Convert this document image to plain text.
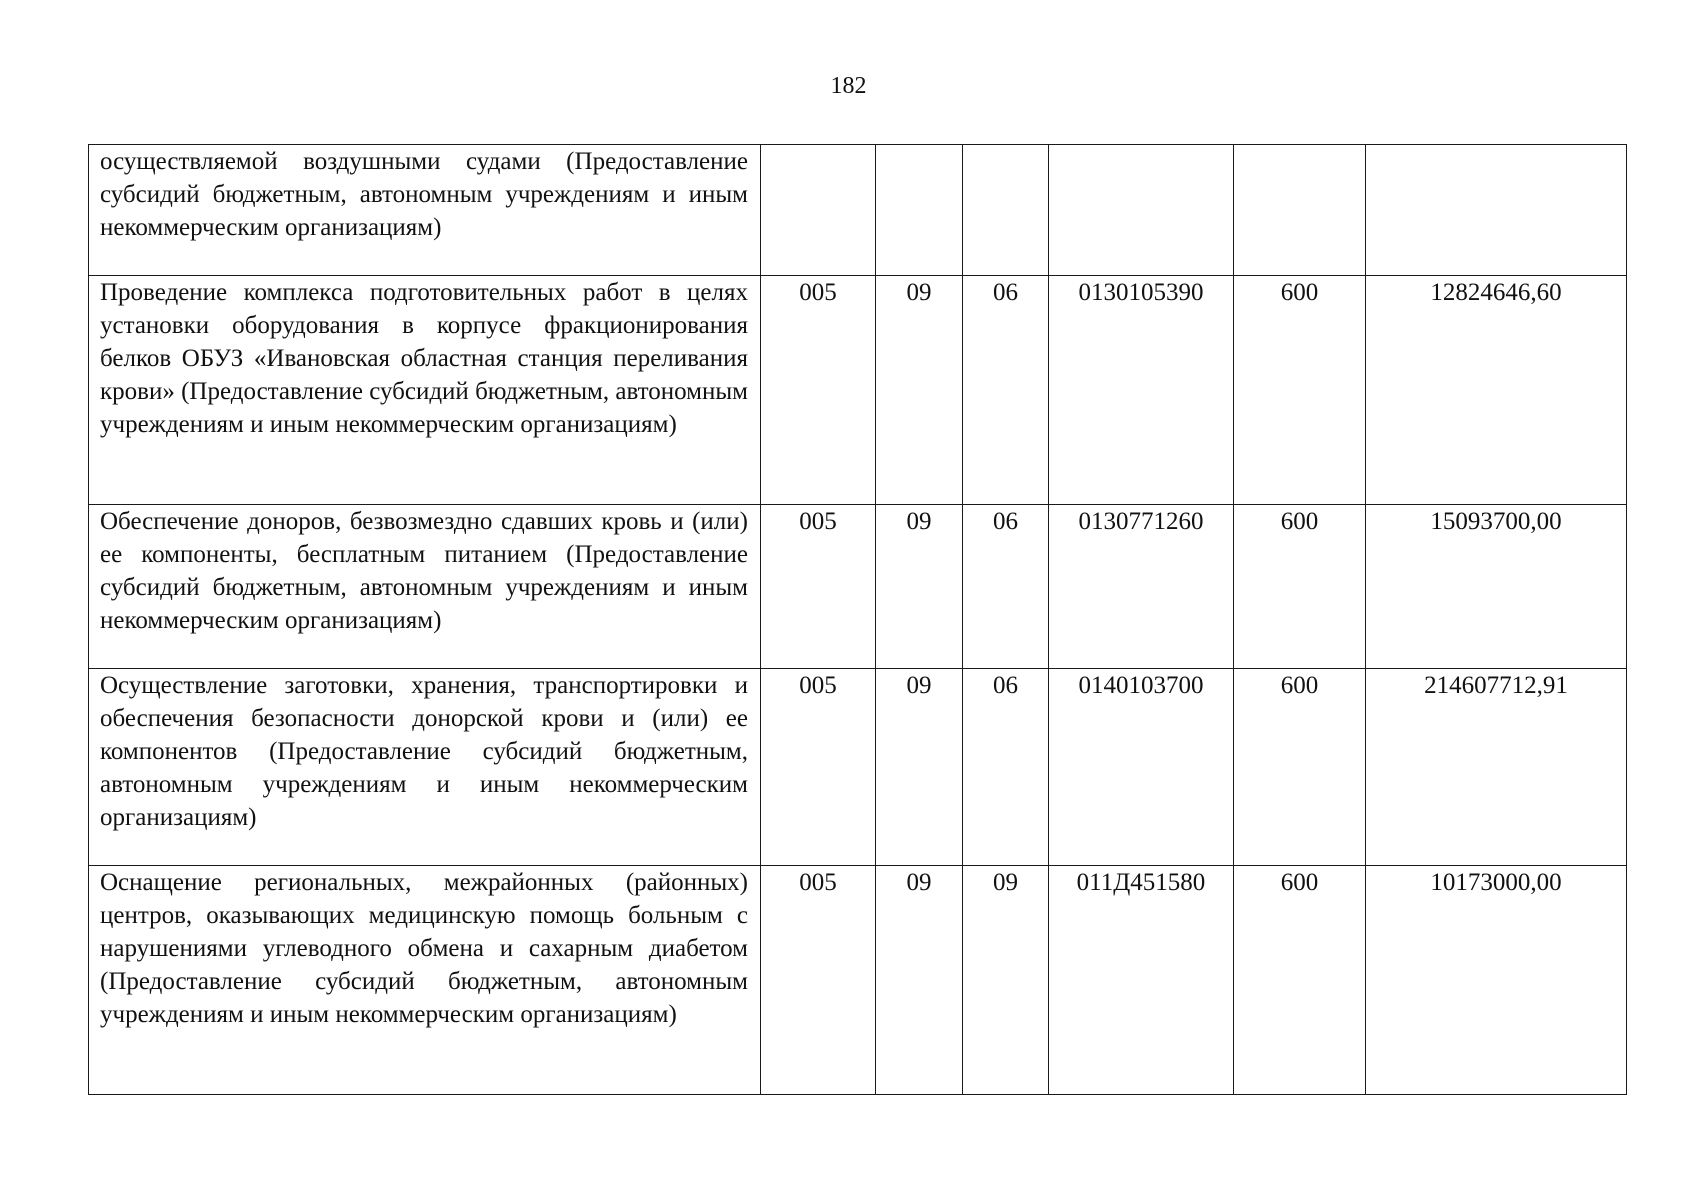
182
осуществляемой воздушными судами (Предоставление субсидий бюджетным, автономным учреждениям и иным некоммерческим организациям)						
Проведение комплекса подготовительных работ в целях установки оборудования в корпусе фракционирования белков ОБУЗ «Ивановская областная станция переливания крови» (Предоставление субсидий бюджетным, автономным учреждениям и иным некоммерческим организациям)	005	09	06	0130105390	600	12824646,60
Обеспечение доноров, безвозмездно сдавших кровь и (или) ее компоненты, бесплатным питанием (Предоставление субсидий бюджетным, автономным учреждениям и иным некоммерческим организациям)	005	09	06	0130771260	600	15093700,00
Осуществление заготовки, хранения, транспортировки и обеспечения безопасности донорской крови и (или) ее компонентов (Предоставление субсидий бюджетным, автономным учреждениям и иным некоммерческим организациям)	005	09	06	0140103700	600	214607712,91
Оснащение региональных, межрайонных (районных) центров, оказывающих медицинскую помощь больным с нарушениями углеводного обмена и сахарным диабетом (Предоставление субсидий бюджетным, автономным учреждениям и иным некоммерческим организациям)	005	09	09	011Д451580	600	10173000,00
